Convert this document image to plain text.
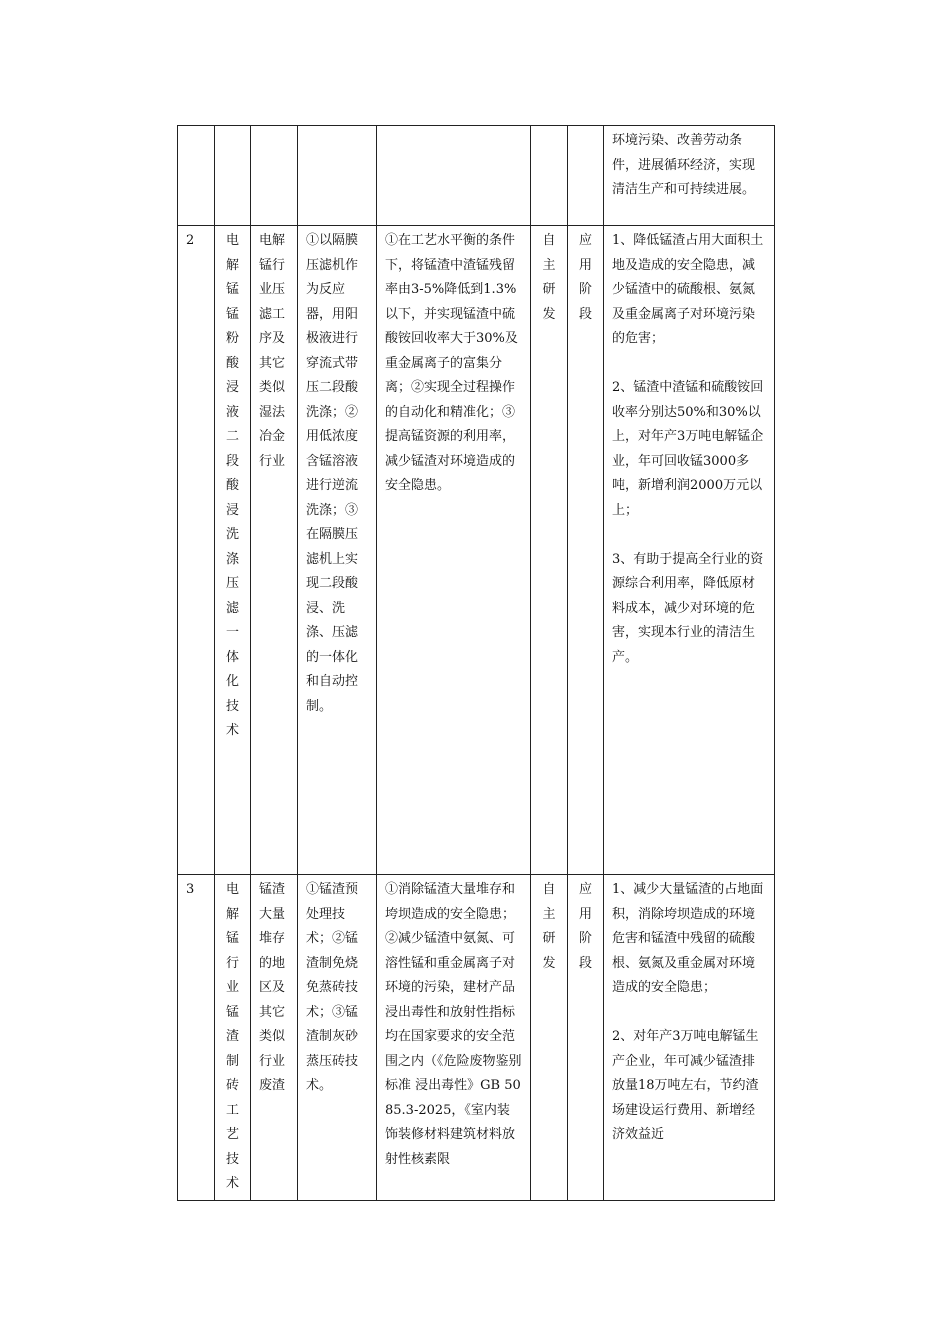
							环境污染、改善劳动条件，进展循环经济，实现清洁生产和可持续进展。
2	电解锰锰粉酸浸液二段酸浸洗涤压滤一体化技术	电解锰行业压滤工序及其它类似湿法冶金行业	①以隔膜压滤机作为反应器，用阳极液进行穿流式带压二段酸洗涤；②用低浓度含锰溶液进行逆流洗涤；③在隔膜压滤机上实现二段酸浸、洗涤、压滤的一体化和自动控制。	①在工艺水平衡的条件下，将锰渣中渣锰残留率由3-5%降低到1.3%以下，并实现锰渣中硫酸铵回收率大于30%及重金属离子的富集分离；②实现全过程操作的自动化和精准化；③提高锰资源的利用率，减少锰渣对环境造成的安全隐患。	自主研发	应用阶段	1、降低锰渣占用大面积土地及造成的安全隐患，减少锰渣中的硫酸根、氨氮及重金属离子对环境污染的危害；

2、锰渣中渣锰和硫酸铵回收率分别达50%和30%以上，对年产3万吨电解锰企业，年可回收锰3000多吨，新增利润2000万元以上；

3、有助于提高全行业的资源综合利用率，降低原材料成本，减少对环境的危害，实现本行业的清洁生产。
3	电解锰行业锰渣制砖工艺技术	锰渣大量堆存的地区及其它类似行业废渣	①锰渣预处理技术；②锰渣制免烧免蒸砖技术；③锰渣制灰砂蒸压砖技术。	①消除锰渣大量堆存和垮坝造成的安全隐患；②减少锰渣中氨氮、可溶性锰和重金属离子对环境的污染，建材产品浸出毒性和放射性指标均在国家要求的安全范围之内（《危险废物鉴别标准 浸出毒性》GB 5085.3-2025，《室内装饰装修材料建筑材料放射性核素限	自主研发	应用阶段	1、减少大量锰渣的占地面积，消除垮坝造成的环境危害和锰渣中残留的硫酸根、氨氮及重金属对环境造成的安全隐患；

2、对年产3万吨电解锰生产企业，年可减少锰渣排放量18万吨左右，节约渣场建设运行费用、新增经济效益近
